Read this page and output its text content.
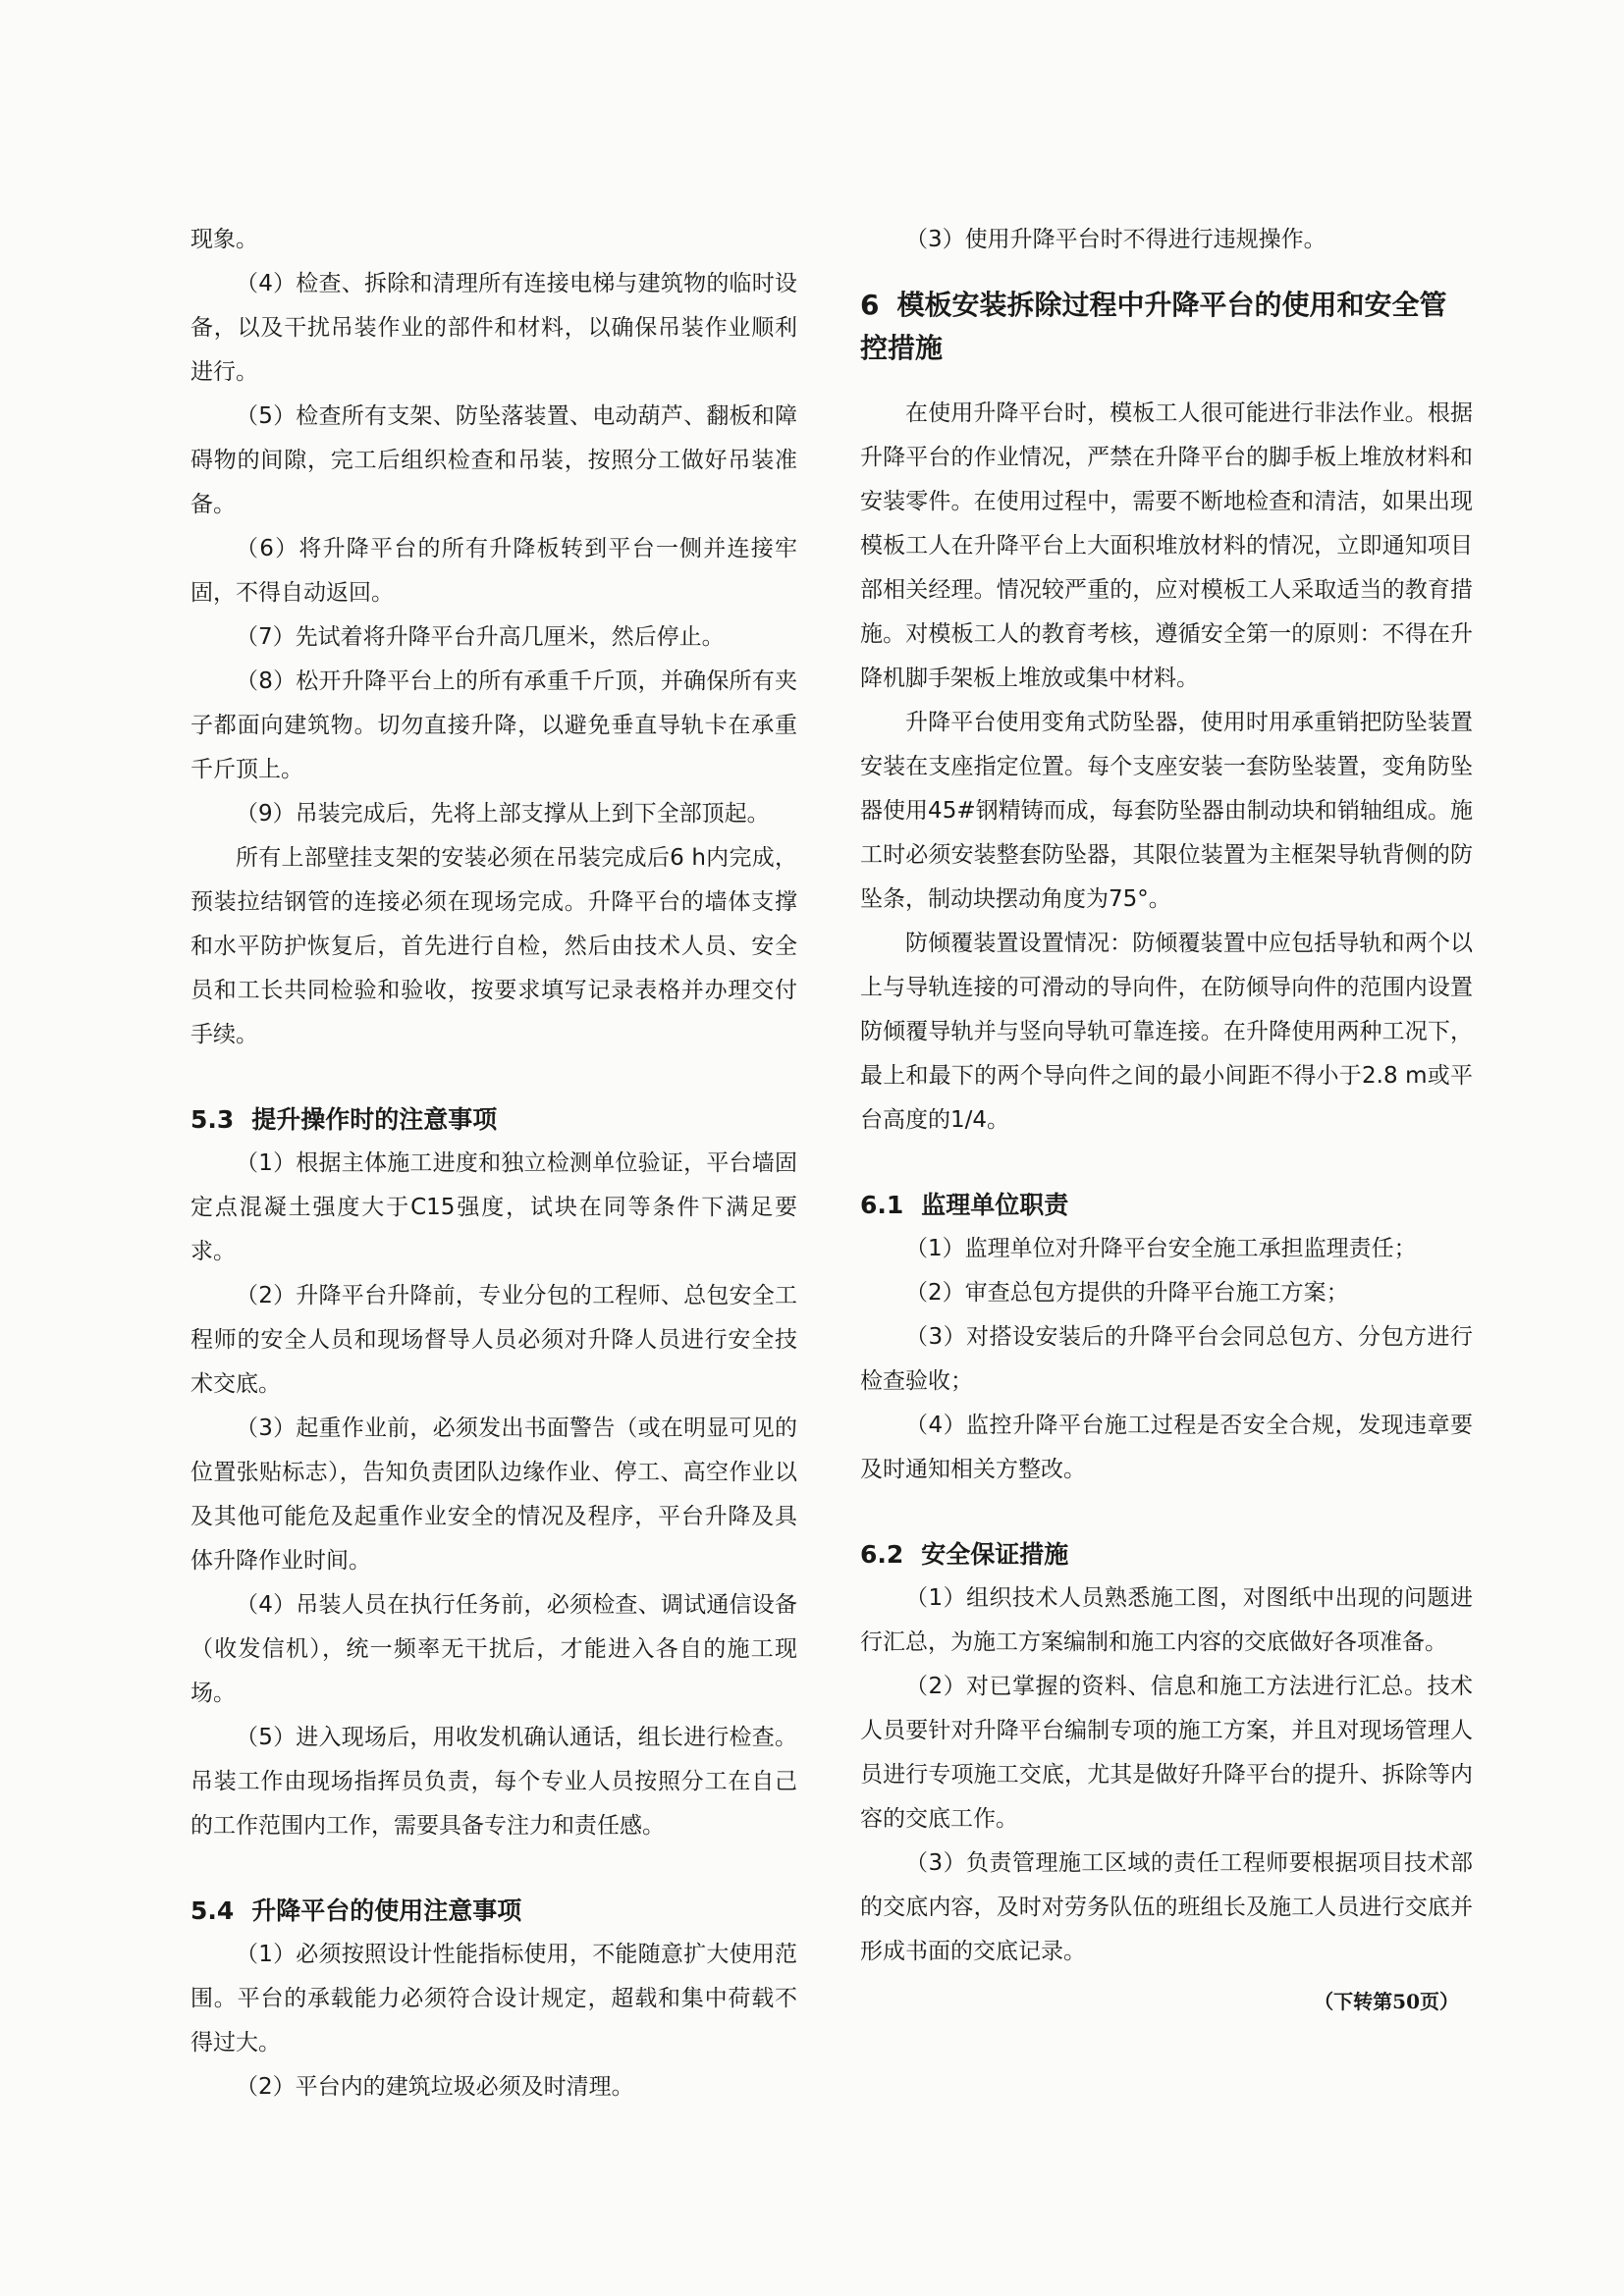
现象。

（4）检查、拆除和清理所有连接电梯与建筑物的临时设备，以及干扰吊装作业的部件和材料，以确保吊装作业顺利进行。

（5）检查所有支架、防坠落装置、电动葫芦、翻板和障碍物的间隙，完工后组织检查和吊装，按照分工做好吊装准备。

（6）将升降平台的所有升降板转到平台一侧并连接牢固，不得自动返回。

（7）先试着将升降平台升高几厘米，然后停止。

（8）松开升降平台上的所有承重千斤顶，并确保所有夹子都面向建筑物。切勿直接升降，以避免垂直导轨卡在承重千斤顶上。

（9）吊装完成后，先将上部支撑从上到下全部顶起。

所有上部壁挂支架的安装必须在吊装完成后6 h内完成，预装拉结钢管的连接必须在现场完成。升降平台的墙体支撑和水平防护恢复后，首先进行自检，然后由技术人员、安全员和工长共同检验和验收，按要求填写记录表格并办理交付手续。

5.3 提升操作时的注意事项

（1）根据主体施工进度和独立检测单位验证，平台墙固定点混凝土强度大于C15强度，试块在同等条件下满足要求。

（2）升降平台升降前，专业分包的工程师、总包安全工程师的安全人员和现场督导人员必须对升降人员进行安全技术交底。

（3）起重作业前，必须发出书面警告（或在明显可见的位置张贴标志），告知负责团队边缘作业、停工、高空作业以及其他可能危及起重作业安全的情况及程序，平台升降及具体升降作业时间。

（4）吊装人员在执行任务前，必须检查、调试通信设备（收发信机），统一频率无干扰后，才能进入各自的施工现场。

（5）进入现场后，用收发机确认通话，组长进行检查。吊装工作由现场指挥员负责，每个专业人员按照分工在自己的工作范围内工作，需要具备专注力和责任感。

5.4 升降平台的使用注意事项

（1）必须按照设计性能指标使用，不能随意扩大使用范围。平台的承载能力必须符合设计规定，超载和集中荷载不得过大。

（2）平台内的建筑垃圾必须及时清理。

（3）使用升降平台时不得进行违规操作。

6 模板安装拆除过程中升降平台的使用和安全管控措施

在使用升降平台时，模板工人很可能进行非法作业。根据升降平台的作业情况，严禁在升降平台的脚手板上堆放材料和安装零件。在使用过程中，需要不断地检查和清洁，如果出现模板工人在升降平台上大面积堆放材料的情况，立即通知项目部相关经理。情况较严重的，应对模板工人采取适当的教育措施。对模板工人的教育考核，遵循安全第一的原则：不得在升降机脚手架板上堆放或集中材料。

升降平台使用变角式防坠器，使用时用承重销把防坠装置安装在支座指定位置。每个支座安装一套防坠装置，变角防坠器使用45#钢精铸而成，每套防坠器由制动块和销轴组成。施工时必须安装整套防坠器，其限位装置为主框架导轨背侧的防坠条，制动块摆动角度为75°。

防倾覆装置设置情况：防倾覆装置中应包括导轨和两个以上与导轨连接的可滑动的导向件，在防倾导向件的范围内设置防倾覆导轨并与竖向导轨可靠连接。在升降使用两种工况下，最上和最下的两个导向件之间的最小间距不得小于2.8 m或平台高度的1/4。

6.1 监理单位职责

（1）监理单位对升降平台安全施工承担监理责任；

（2）审查总包方提供的升降平台施工方案；

（3）对搭设安装后的升降平台会同总包方、分包方进行检查验收；

（4）监控升降平台施工过程是否安全合规，发现违章要及时通知相关方整改。

6.2 安全保证措施

（1）组织技术人员熟悉施工图，对图纸中出现的问题进行汇总，为施工方案编制和施工内容的交底做好各项准备。

（2）对已掌握的资料、信息和施工方法进行汇总。技术人员要针对升降平台编制专项的施工方案，并且对现场管理人员进行专项施工交底，尤其是做好升降平台的提升、拆除等内容的交底工作。

（3）负责管理施工区域的责任工程师要根据项目技术部的交底内容，及时对劳务队伍的班组长及施工人员进行交底并形成书面的交底记录。

（下转第50页）
